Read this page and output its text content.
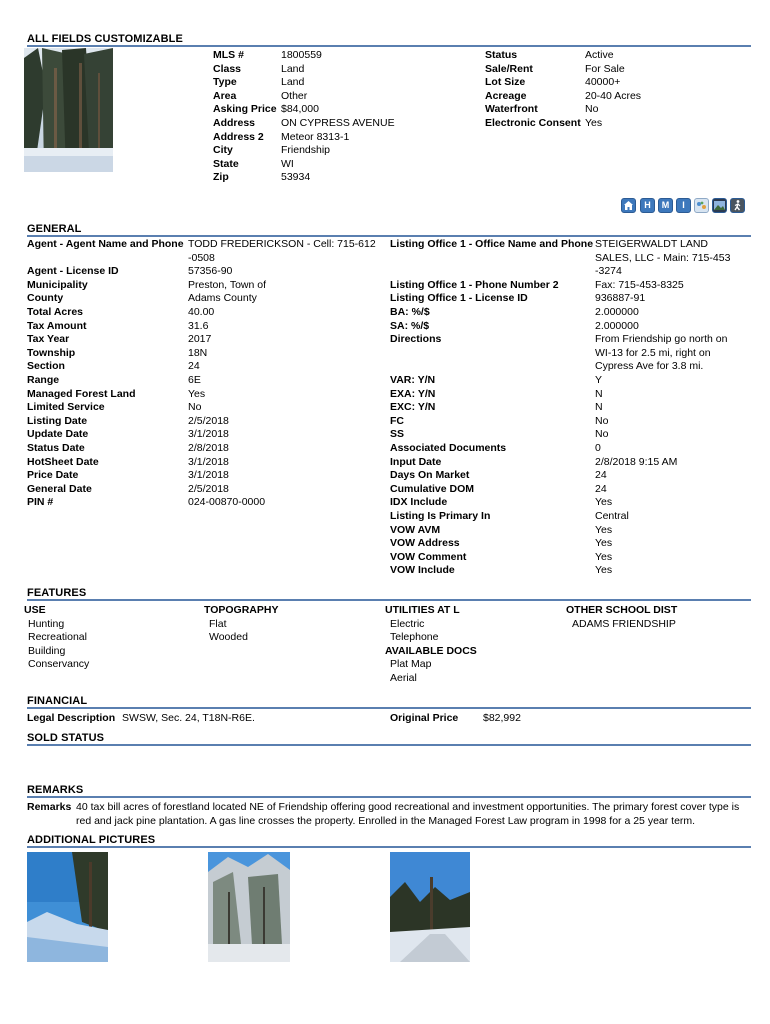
ALL FIELDS CUSTOMIZABLE
MLS #	1800559
Class	Land
Type	Land
Area	Other
Asking Price $84,000
Address ON CYPRESS AVENUE
Address 2 Meteor 8313-1
City	Friendship
State	WI
Zip	53934
Status	Active
Sale/Rent	For Sale
Lot Size	40000+
Acreage	20-40 Acres
Waterfront	No
Electronic Consent Yes
H	M	I
GENERAL
Agent - Agent Name and Phone TODD FREDERICKSON - Cell: 715-612
-0508
Agent - License ID	57356-90
Municipality	Preston, Town of
County	Adams County
Total Acres	40.00
Tax Amount	31.6
Tax Year	2017
Township	18N
Section	24
Range	6E
Managed Forest Land	Yes
Limited Service	No
Listing Date	2/5/2018
Update Date	3/1/2018
Status Date	2/8/2018
HotSheet Date	3/1/2018
Price Date	3/1/2018
General Date	2/5/2018
PIN #	024-00870-0000
Listing Office 1 - Office Name and Phone STEIGERWALDT LAND
SALES, LLC - Main: 715-453
-3274
Listing Office 1 - Phone Number 2	Fax: 715-453-8325
Listing Office 1 - License ID	936887-91
BA: %/$	2.000000
SA: %/$	2.000000
Directions	From Friendship go north on
WI-13 for 2.5 mi, right on
Cypress Ave for 3.8 mi.
VAR: Y/N	Y
EXA: Y/N	N
EXC: Y/N	N
FC	No
SS	No
Associated Documents	0
Input Date	2/8/2018 9:15 AM
Days On Market	24
Cumulative DOM	24
IDX Include	Yes
Listing Is Primary In	Central
VOW AVM	Yes
VOW Address	Yes
VOW Comment	Yes
VOW Include	Yes
FEATURES
USE
Hunting
Recreational
Building
Conservancy
TOPOGRAPHY
Flat
Wooded
UTILITIES AT L
Electric
Telephone
AVAILABLE DOCS
Plat Map
Aerial
OTHER SCHOOL DIST
ADAMS FRIENDSHIP
FINANCIAL
Legal Description SWSW, Sec. 24, T18N-R6E.	Original Price $82,992
SOLD STATUS
REMARKS
Remarks 40 tax bill acres of forestland located NE of Friendship offering good recreational and investment opportunities. The primary forest cover type is red and jack pine plantation. A gas line crosses the property. Enrolled in the Managed Forest Law program in 1998 for a 25 year term.
ADDITIONAL PICTURES
